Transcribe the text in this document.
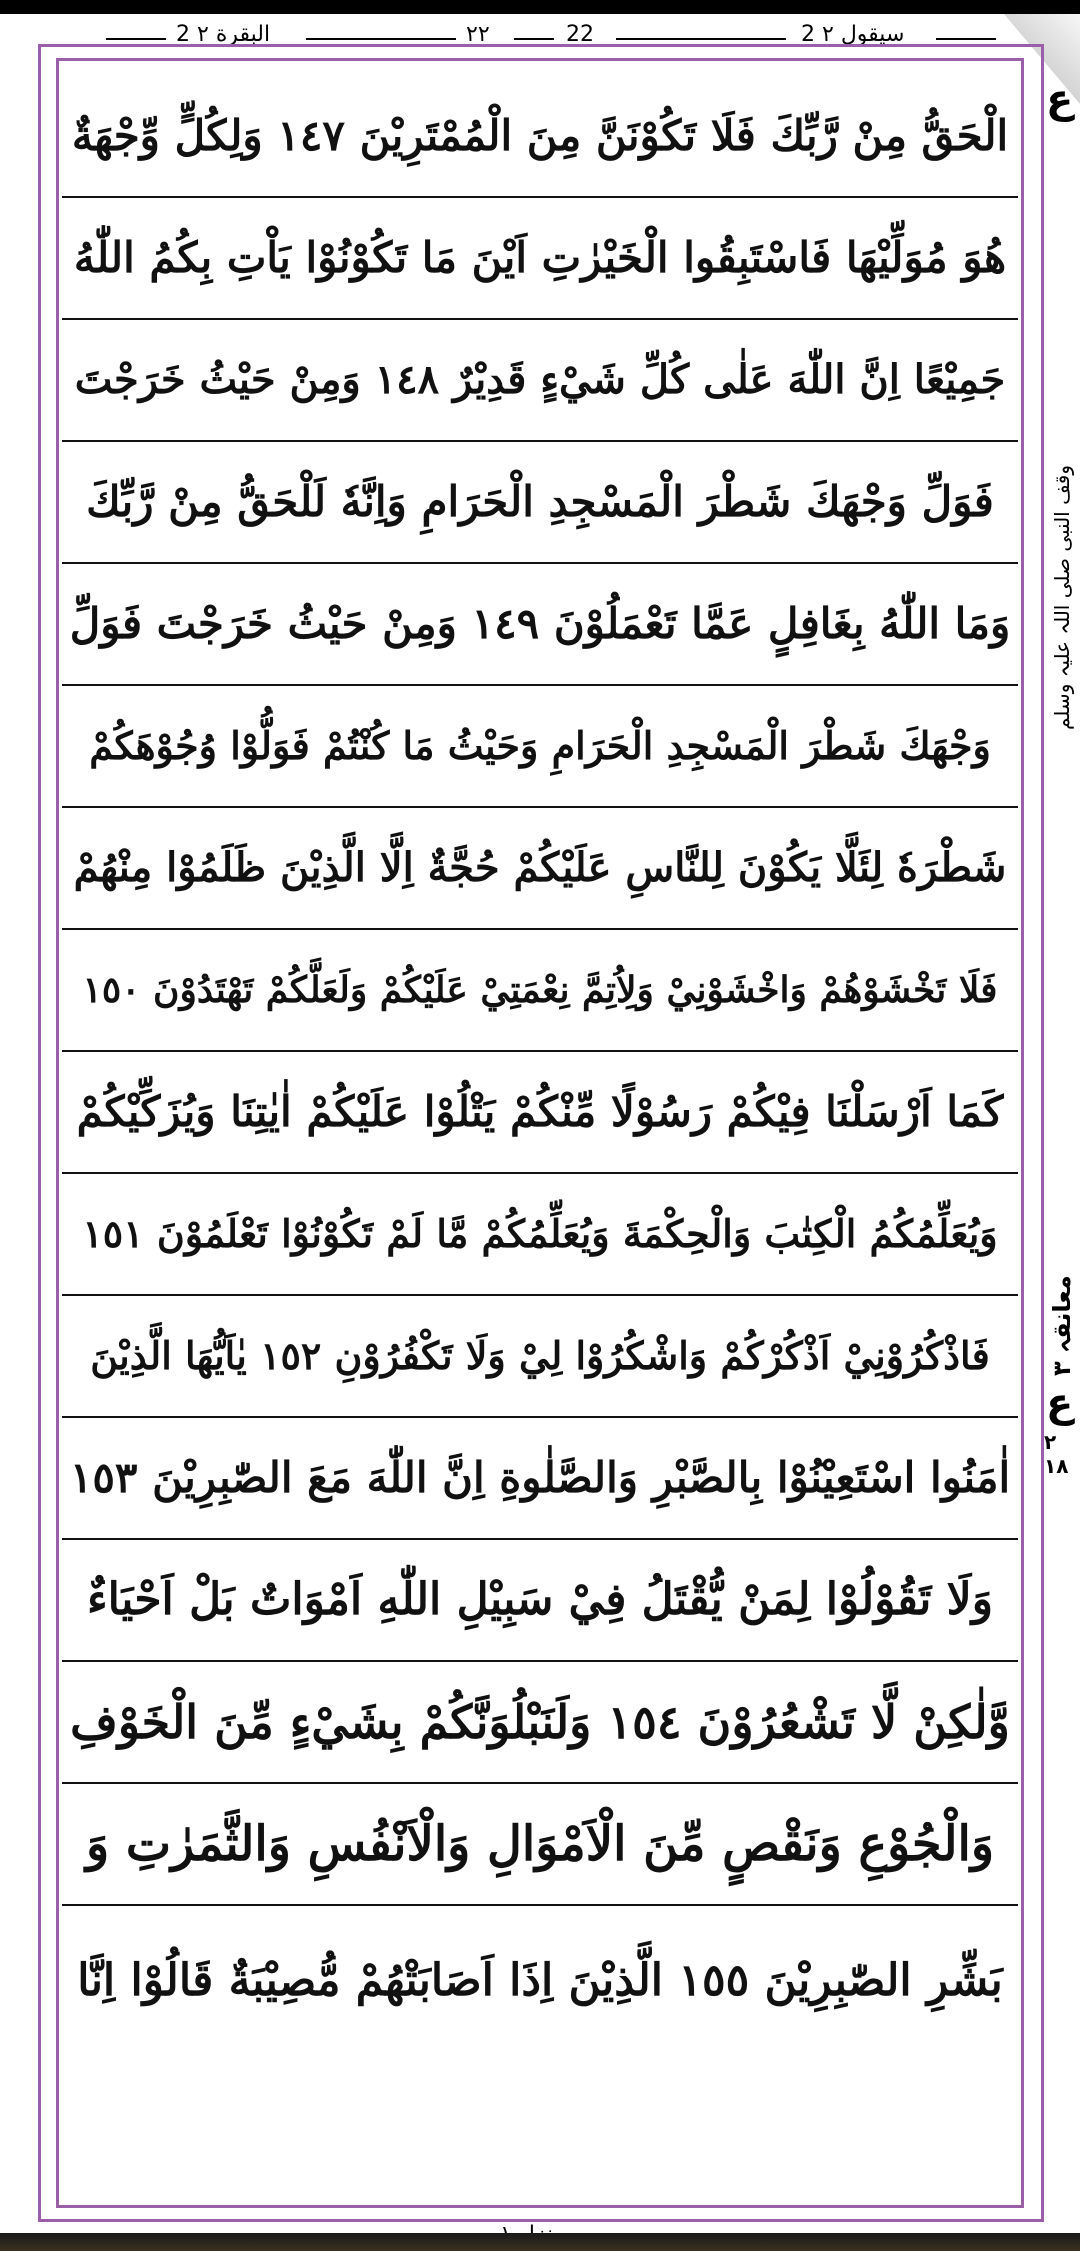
2 البقرة ٢	٢٢	22	2 سیقول ٢
الْحَقُّ مِنْ رَّبِّكَ فَلَا تَكُوْنَنَّ مِنَ الْمُمْتَرِيْنَ ١٤٧ وَلِكُلٍّ وِّجْهَةٌ
هُوَ مُوَلِّيْهَا فَاسْتَبِقُوا الْخَيْرٰتِ اَيْنَ مَا تَكُوْنُوْا يَاْتِ بِكُمُ اللّٰهُ
جَمِيْعًا اِنَّ اللّٰهَ عَلٰى كُلِّ شَيْءٍ قَدِيْرٌ ١٤٨ وَمِنْ حَيْثُ خَرَجْتَ
فَوَلِّ وَجْهَكَ شَطْرَ الْمَسْجِدِ الْحَرَامِ وَاِنَّهٗ لَلْحَقُّ مِنْ رَّبِّكَ
وَمَا اللّٰهُ بِغَافِلٍ عَمَّا تَعْمَلُوْنَ ١٤٩ وَمِنْ حَيْثُ خَرَجْتَ فَوَلِّ
وَجْهَكَ شَطْرَ الْمَسْجِدِ الْحَرَامِ وَحَيْثُ مَا كُنْتُمْ فَوَلُّوْا وُجُوْهَكُمْ
شَطْرَهٗ لِئَلَّا يَكُوْنَ لِلنَّاسِ عَلَيْكُمْ حُجَّةٌ اِلَّا الَّذِيْنَ ظَلَمُوْا مِنْهُمْ
فَلَا تَخْشَوْهُمْ وَاخْشَوْنِيْ وَلِاُتِمَّ نِعْمَتِيْ عَلَيْكُمْ وَلَعَلَّكُمْ تَهْتَدُوْنَ ١٥٠
كَمَا اَرْسَلْنَا فِيْكُمْ رَسُوْلًا مِّنْكُمْ يَتْلُوْا عَلَيْكُمْ اٰيٰتِنَا وَيُزَكِّيْكُمْ
وَيُعَلِّمُكُمُ الْكِتٰبَ وَالْحِكْمَةَ وَيُعَلِّمُكُمْ مَّا لَمْ تَكُوْنُوْا تَعْلَمُوْنَ ١٥١
فَاذْكُرُوْنِيْ اَذْكُرْكُمْ وَاشْكُرُوْا لِيْ وَلَا تَكْفُرُوْنِ ١٥٢ يٰاَيُّهَا الَّذِيْنَ
اٰمَنُوا اسْتَعِيْنُوْا بِالصَّبْرِ وَالصَّلٰوةِ اِنَّ اللّٰهَ مَعَ الصّٰبِرِيْنَ ١٥٣
وَلَا تَقُوْلُوْا لِمَنْ يُّقْتَلُ فِيْ سَبِيْلِ اللّٰهِ اَمْوَاتٌ بَلْ اَحْيَاءٌ
وَّلٰكِنْ لَّا تَشْعُرُوْنَ ١٥٤ وَلَنَبْلُوَنَّكُمْ بِشَيْءٍ مِّنَ الْخَوْفِ
وَالْجُوْعِ وَنَقْصٍ مِّنَ الْاَمْوَالِ وَالْاَنْفُسِ وَالثَّمَرٰتِ وَ
بَشِّرِ الصّٰبِرِيْنَ ١٥٥ الَّذِيْنَ اِذَا اَصَابَتْهُمْ مُّصِيْبَةٌ قَالُوْا اِنَّا
ع
وقف النبی صلی اللہ علیہ وسلم
معانقہ ٣
ع
٢ ١٨
